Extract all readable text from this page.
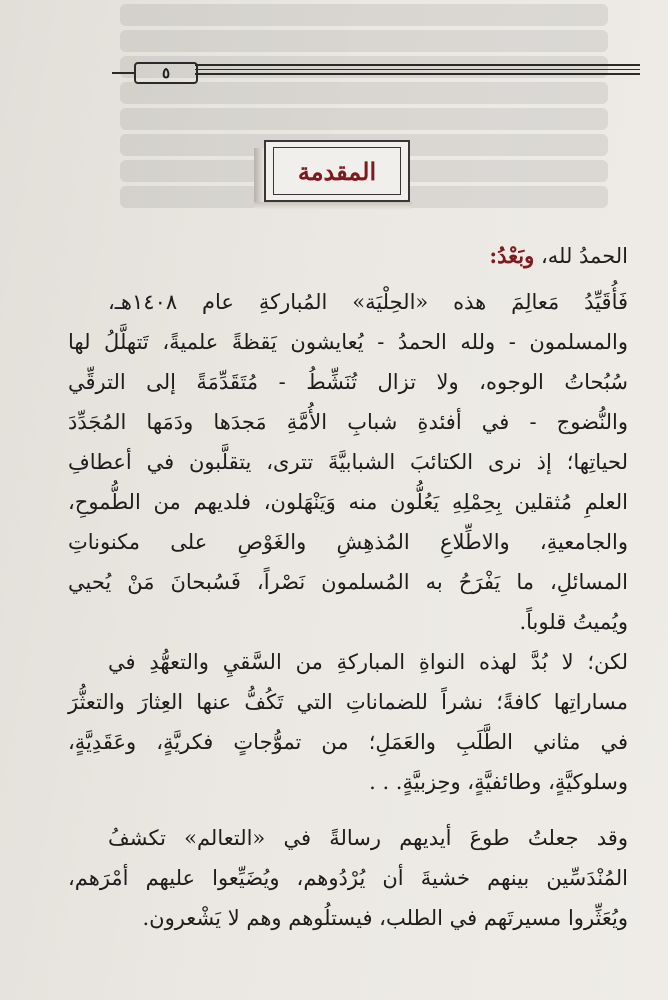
٥
المقدمة
الحمدُ لله، وبَعْدُ:
فَأُقَيِّدُ مَعالِمَ هذه «الحِلْيَة» المُباركةِ عام ١٤٠٨هـ،
والمسلمون - ولله الحمدُ - يُعايشون يَقظةً علميةً، تَتهلَّلُ لها
سُبُحاتُ الوجوه، ولا تزال تُنَشِّطُ - مُتَقَدِّمَةً إلى الترقِّي
والنُّضوج - في أفئدةِ شبابِ الأُمَّةِ مَجدَها ودَمَها المُجَدِّدَ
لحياتِها؛ إذ نرى الكتائبَ الشبابيَّةَ تترى، يتقلَّبون في أعطافِ
العلمِ مُثقلين بِحِمْلِهِ يَعُلُّون منه وَيَنْهَلون، فلديهم من الطُّموحِ،
والجامعيةِ، والاطِّلاعِ المُذهِشِ والغَوْصِ على مكنوناتِ
المسائلِ، ما يَفْرَحُ به المُسلمون نَصْراً، فَسُبحانَ مَنْ يُحيي
ويُميتُ قلوباً.
لكن؛ لا بُدَّ لهذه النواةِ المباركةِ من السَّقيِ والتعهُّدِ في
مساراتِها كافةً؛ نشراً للضماناتِ التي تَكُفُّ عنها العِثارَ والتعثُّرَ
في مثاني الطَّلَبِ والعَمَلِ؛ من تموُّجاتٍ فكريَّةٍ، وعَقَدِيَّةٍ،
وسلوكيَّةٍ، وطائفيَّةٍ، وحِزبيَّةٍ. . .
وقد جعلتُ طوعَ أيديهم رسالةً في «التعالم» تكشفُ
المُنْدَسِّين بينهم خشيةَ أن يُرْدُوهم، ويُضَيِّعوا عليهم أمْرَهم،
ويُعَثِّروا مسيرتَهم في الطلب، فيستلُوهم وهم لا يَشْعرون.
